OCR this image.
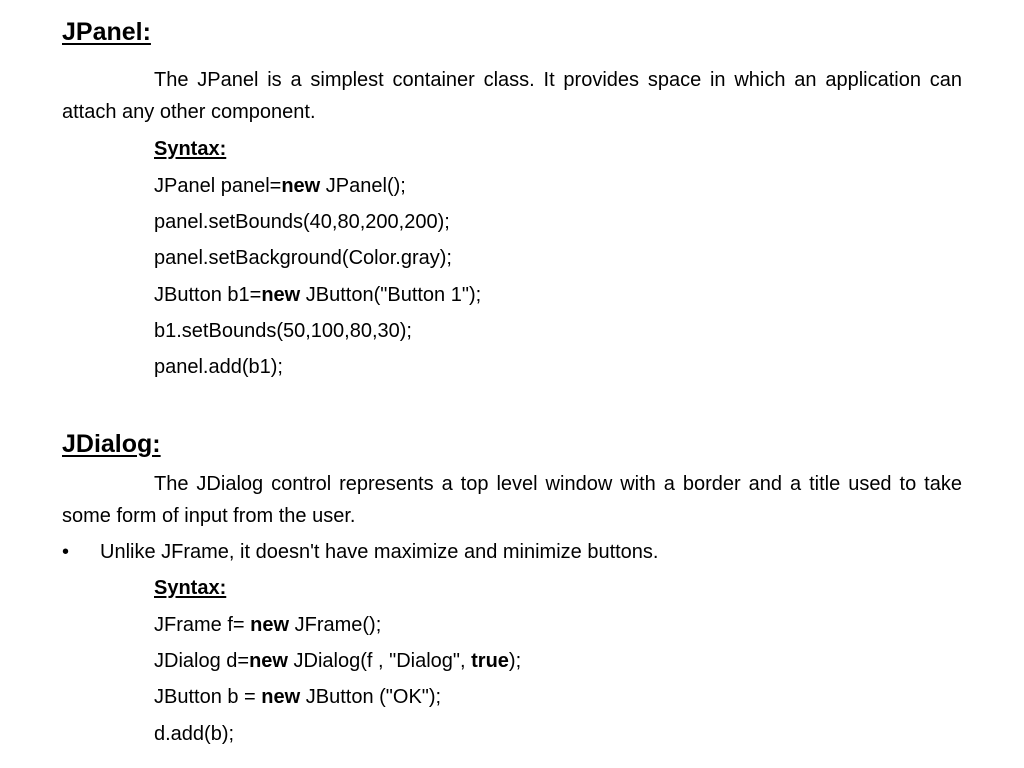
JPanel:

The JPanel is a simplest container class. It provides space in which an application can attach any other component.

Syntax:
JPanel panel=new JPanel();
panel.setBounds(40,80,200,200);
panel.setBackground(Color.gray);
JButton b1=new JButton("Button 1");
b1.setBounds(50,100,80,30);
panel.add(b1);
JDialog:

The JDialog control represents a top level window with a border and a title used to take some form of input from the user.

• Unlike JFrame, it doesn't have maximize and minimize buttons.
Syntax:
JFrame f= new JFrame();
JDialog d=new JDialog(f , "Dialog", true);
JButton b = new JButton ("OK");
d.add(b);
